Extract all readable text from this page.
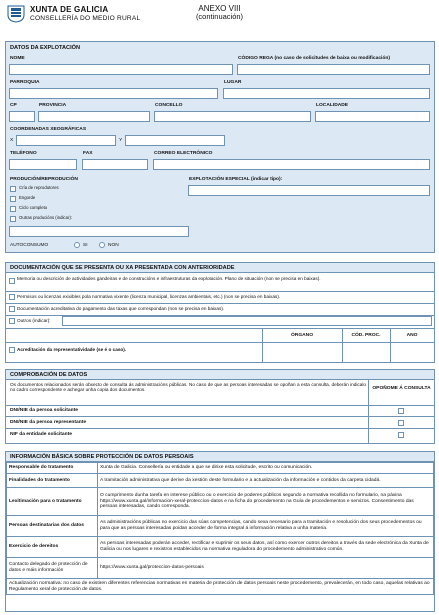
XUNTA DE GALICIA
CONSELLERÍA DO MEDIO RURAL
ANEXO VIII
(continuación)
DATOS DA EXPLOTACIÓN
NOME	CÓDIGO REGA (no caso de solicitudes de baixa ou modificación)
PARROQUIA	LUGAR
CP	PROVINCIA	CONCELLO	LOCALIDADE
COORDENADAS XEOGRÁFICAS
X	Y
TELÉFONO	FAX	CORREO ELECTRÓNICO
PRODUCIÓN/REPRODUCIÓN
Cría de reprodutores
Engorde
Ciclo completo
Outras producións (indicar):
EXPLOTACIÓN ESPECIAL (indicar tipo):
AUTOCONSUMO	SI	NON
DOCUMENTACIÓN QUE SE PRESENTA OU XA PRESENTADA CON ANTERIORIDADE
Memoria ou descrición de actividades gandeiras e de construcións e infraestruturas da explotación. Plano de situación (non se precisa en baixas).
Permisos ou licenzas exixibles pola normativa vixente (licenza municipal, licenzas ambientais, etc.) (non se precisa en baixas).
Documentación acreditativa do pagamento das taxas que correspondan (non se precisa en baixas).
Outros (indicar):
ÓRGANO	CÓD. PROC.	ANO
Acreditación da representatividade (se é o caso).
COMPROBACIÓN DE DATOS
Os documentos relacionados serán obxecto de consulta ás administracións públicas. No caso de que as persoas interesadas se opoñan a esta consulta, deberán indicalo no cadro correspondente e achegar unha copia dos documentos.	OPOÑOME Á CONSULTA
DNI/NIE da persoa solicitante
DNI/NIE da persoa representante
NIF da entidade solicitante
INFORMACIÓN BÁSICA SOBRE PROTECCIÓN DE DATOS PERSOAIS
Responsable do tratamento	Xunta de Galicia. Consellería ou entidade a que se dirixe esta solicitude, escrito ou comunicación.
Finalidades do tratamento	A tramitación administrativa que derive da xestión deste formulario e a actualización da información e contidos da carpeta cidadá.
Lexitimación para o tratamento	O cumprimento dunha tarefa en interese público ou o exercicio de poderes públicos segundo a normativa recollida no formulario, na páxina https://www.xunta.gal/informacion-xeral-proteccion-datos e na ficha do procedemento na Guía de procedementos e servizos. Consentimento das persoas interesadas, cando corresponda.
Persoas destinatarias dos datos	As administracións públicas no exercicio das súas competencias, cando sexa necesario para a tramitación e resolución dos seus procedementos ou para que as persoas interesadas poidan acceder de forma integral á información relativa a unha materia.
Exercicio de dereitos	As persoas interesadas poderán acceder, rectificar e suprimir os seus datos, así como exercer outros dereitos a través da sede electrónica da Xunta de Galicia ou nos lugares e rexistros establecidos na normativa reguladora do procedemento administrativo común.
Contacto delegado de protección de datos e máis información	https://www.xunta.gal/proteccion-datos-persoais
Actualización normativa: no caso de existiren diferentes referencias normativas en materia de protección de datos persoais neste procedemento, prevalecerán, en todo caso, aquelas relativas ao Regulamento xeral de protección de datos.	
